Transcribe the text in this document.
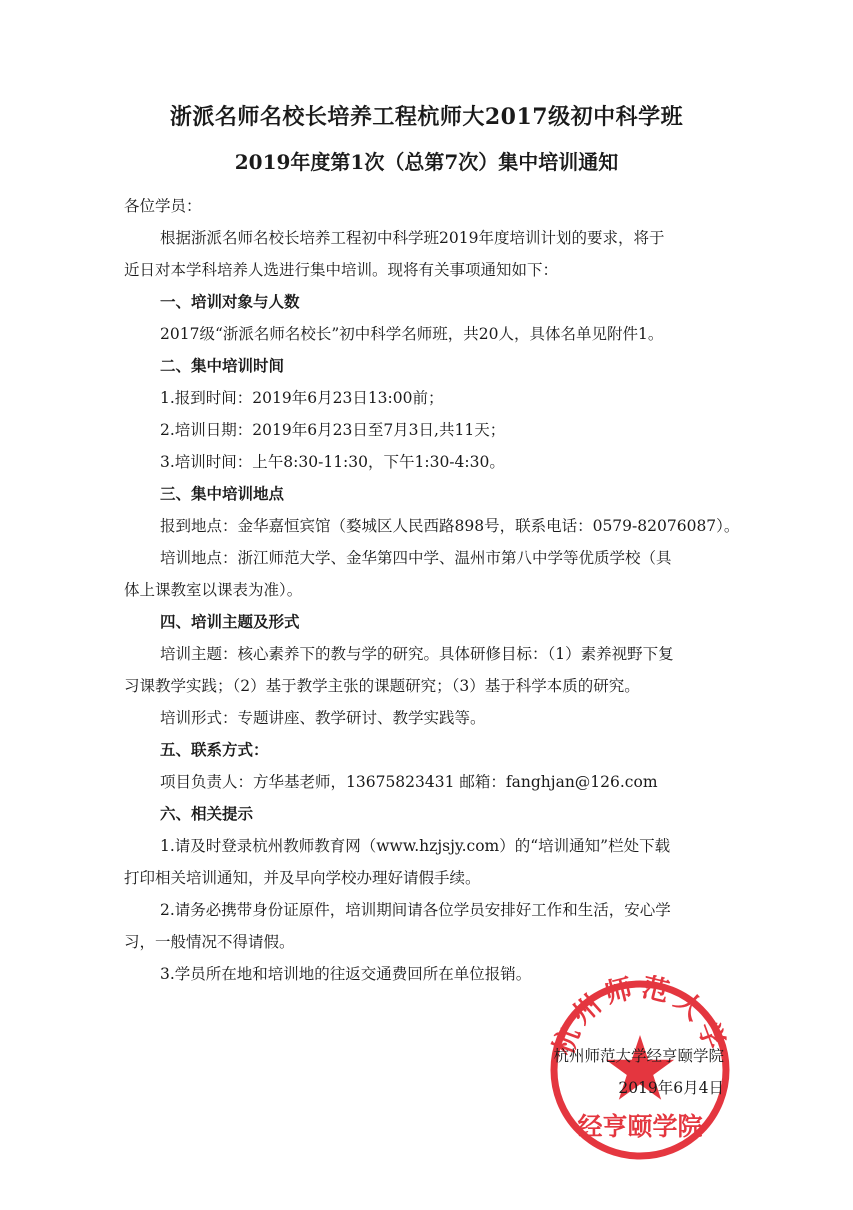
浙派名师名校长培养工程杭师大2017级初中科学班
2019年度第1次（总第7次）集中培训通知

各位学员：

根据浙派名师名校长培养工程初中科学班2019年度培训计划的要求，将于

近日对本学科培养人选进行集中培训。现将有关事项通知如下：

一、培训对象与人数

2017级“浙派名师名校长”初中科学名师班，共20人，具体名单见附件1。

二、集中培训时间

1.报到时间：2019年6月23日13:00前；

2.培训日期：2019年6月23日至7月3日,共11天；

3.培训时间：上午8:30-11:30，下午1:30-4:30。

三、集中培训地点

报到地点：金华嘉恒宾馆（婺城区人民西路898号，联系电话：0579-82076087）。

培训地点：浙江师范大学、金华第四中学、温州市第八中学等优质学校（具

体上课教室以课表为准）。

四、培训主题及形式

培训主题：核心素养下的教与学的研究。具体研修目标：（1）素养视野下复

习课教学实践；（2）基于教学主张的课题研究；（3）基于科学本质的研究。

培训形式：专题讲座、教学研讨、教学实践等。

五、联系方式：

项目负责人：方华基老师，13675823431 邮箱：fanghjan@126.com

六、相关提示

1.请及时登录杭州教师教育网（www.hzjsjy.com）的“培训通知”栏处下载

打印相关培训通知，并及早向学校办理好请假手续。

2.请务必携带身份证原件，培训期间请各位学员安排好工作和生活，安心学

习，一般情况不得请假。

3.学员所在地和培训地的往返交通费回所在单位报销。

杭州师范大学
经亨颐学院
杭州师范大学经亨颐学院
2019年6月4日
